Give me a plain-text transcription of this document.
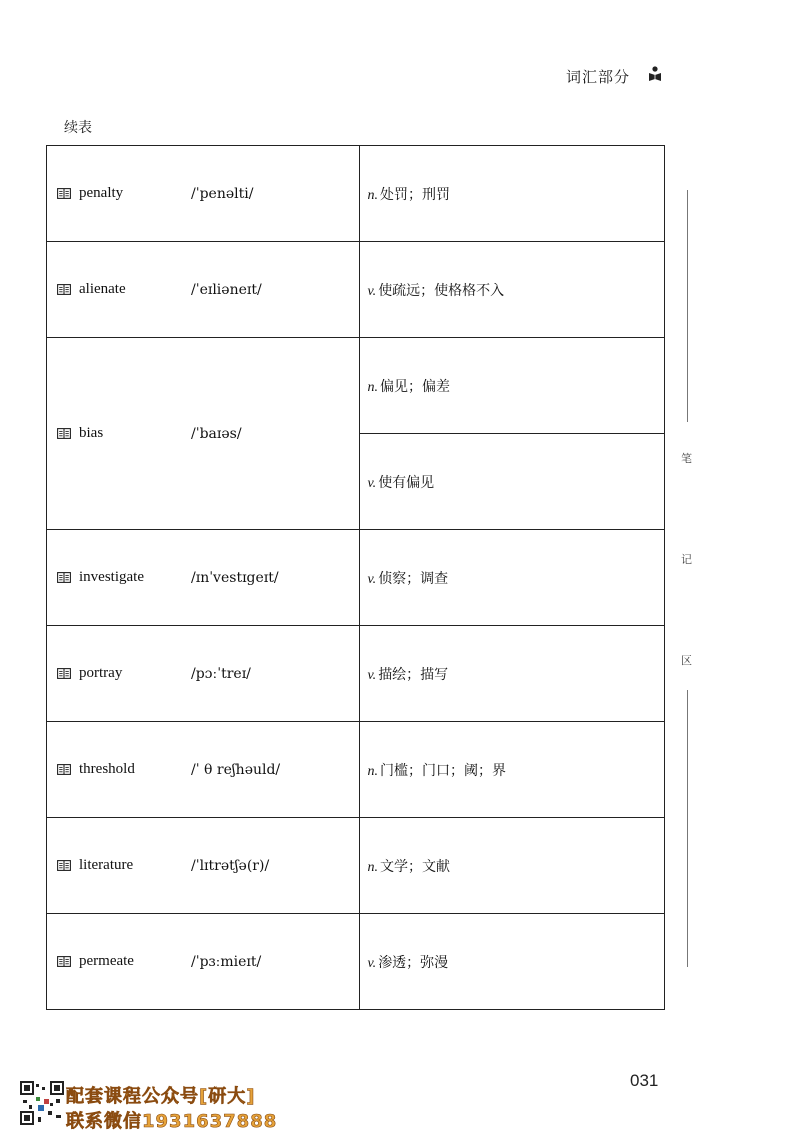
词汇部分
续表
penalty /ˈpenəlti/	n. 处罚；刑罚

alienate /ˈeɪliəneɪt/	v. 使疏远；使格格不入

bias /ˈbaɪəs/	n. 偏见；偏差

	v. 使有偏见

investigate /ɪnˈvestɪgeɪt/	v. 侦察；调查

portray /pɔːˈtreɪ/	v. 描绘；描写

threshold /ˈ θ reʃhəuld/	n. 门槛；门口；阈；界

literature /ˈlɪtrətʃə(r)/	n. 文学；文献

permeate /ˈpɜːmieɪt/	v. 渗透；弥漫
笔
记
区
031
配套课程公众号[研大]
联系微信1931637888
